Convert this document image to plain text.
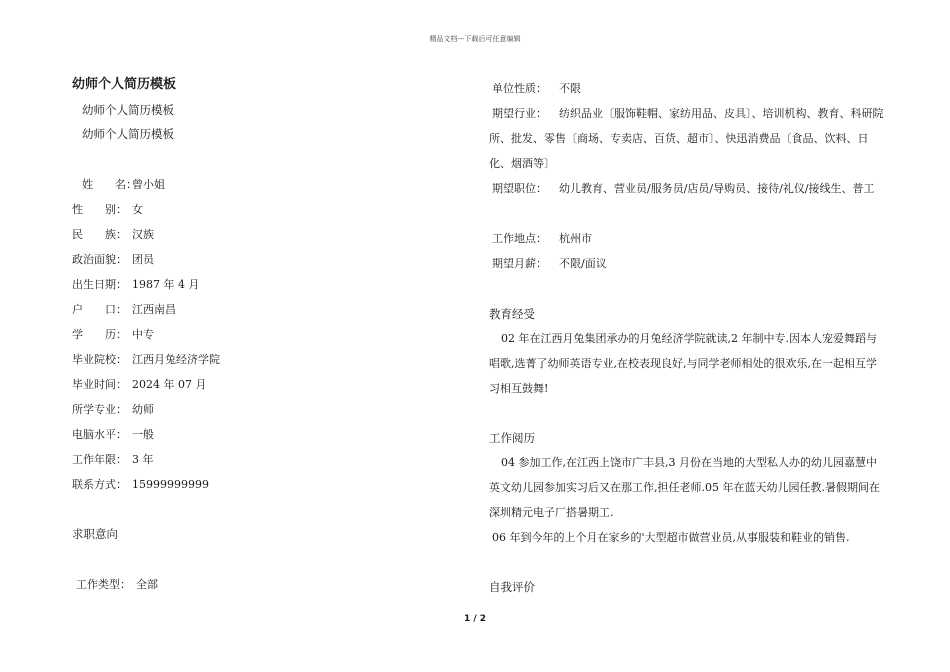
精品文档---下载后可任意编辑
幼师个人简历模板
幼师个人简历模板
幼师个人简历模板
姓　　名：曾小姐
性　　别： 女
民　　族： 汉族
政治面貌： 团员
出生日期： 1987 年 4 月
户　　口： 江西南昌
学　　历： 中专
毕业院校： 江西月兔经济学院
毕业时间： 2024 年 07 月
所学专业： 幼师
电脑水平： 一般
工作年限： 3 年
联系方式： 15999999999
求职意向
工作类型： 全部
单位性质： 不限
期望行业： 纺织品业〔服饰鞋帽、家纺用品、皮具〕、培训机构、教育、科研院所、批发、零售〔商场、专卖店、百货、超市〕、快迅消费品〔食品、饮料、日化、烟酒等〕
期望职位： 幼儿教育、营业员/服务员/店员/导购员、接待/礼仪/接线生、普工
工作地点： 杭州市
期望月薪： 不限/面议
教育经受
02 年在江西月兔集团承办的月兔经济学院就读,2 年制中专.因本人宠爱舞蹈与唱歌,选菁了幼师英语专业,在校表现良好,与同学老师相处的很欢乐,在一起相互学习相互鼓舞!
工作阅历
04 参加工作,在江西上饶市广丰县,3 月份在当地的大型私人办的幼儿园嘉慧中英文幼儿园参加实习后又在那工作,担任老师.05 年在蓝天幼儿园任教.暑假期间在深圳精元电子厂搭暑期工.
06 年到今年的上个月在家乡的'大型超市做营业员,从事服装和鞋业的销售.
自我评价
1 / 2
